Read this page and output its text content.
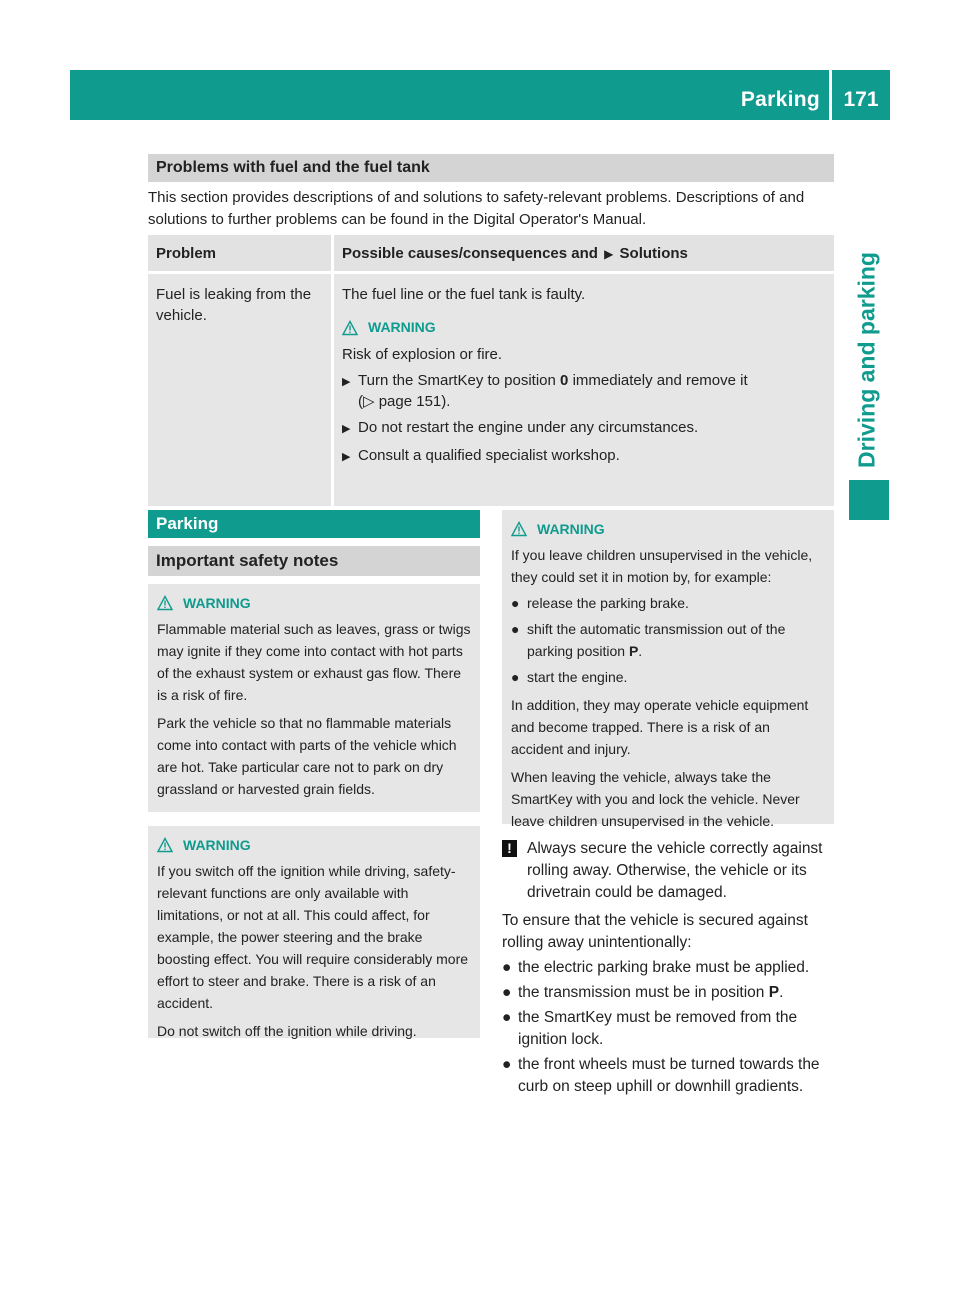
Parking	171
Driving and parking
Problems with fuel and the fuel tank
This section provides descriptions of and solutions to safety-relevant problems. Descriptions of and solutions to further problems can be found in the Digital Operator's Manual.
Problem	Possible causes/consequences and ▶ Solutions
Fuel is leaking from the vehicle.
The fuel line or the fuel tank is faulty.
WARNING
Risk of explosion or fire.
▶ Turn the SmartKey to position 0 immediately and remove it
(▷ page 151).
▶ Do not restart the engine under any circumstances.
▶ Consult a qualified specialist workshop.
Parking
Important safety notes
WARNING

Flammable material such as leaves, grass or twigs may ignite if they come into contact with hot parts of the exhaust system or exhaust gas flow. There is a risk of fire.

Park the vehicle so that no flammable materials come into contact with parts of the vehicle which are hot. Take particular care not to park on dry grassland or harvested grain fields.

WARNING

If you switch off the ignition while driving, safety-relevant functions are only available with limitations, or not at all. This could affect, for example, the power steering and the brake boosting effect. You will require considerably more effort to steer and brake. There is a risk of an accident.

Do not switch off the ignition while driving.

WARNING

If you leave children unsupervised in the vehicle, they could set it in motion by, for example:

● release the parking brake.
● shift the automatic transmission out of the parking position P.
● start the engine.

In addition, they may operate vehicle equipment and become trapped. There is a risk of an accident and injury.

When leaving the vehicle, always take the SmartKey with you and lock the vehicle. Never leave children unsupervised in the vehicle.

! Always secure the vehicle correctly against rolling away. Otherwise, the vehicle or its drivetrain could be damaged.
To ensure that the vehicle is secured against rolling away unintentionally:
● the electric parking brake must be applied.
● the transmission must be in position P.
● the SmartKey must be removed from the ignition lock.
● the front wheels must be turned towards the curb on steep uphill or downhill gradients.
